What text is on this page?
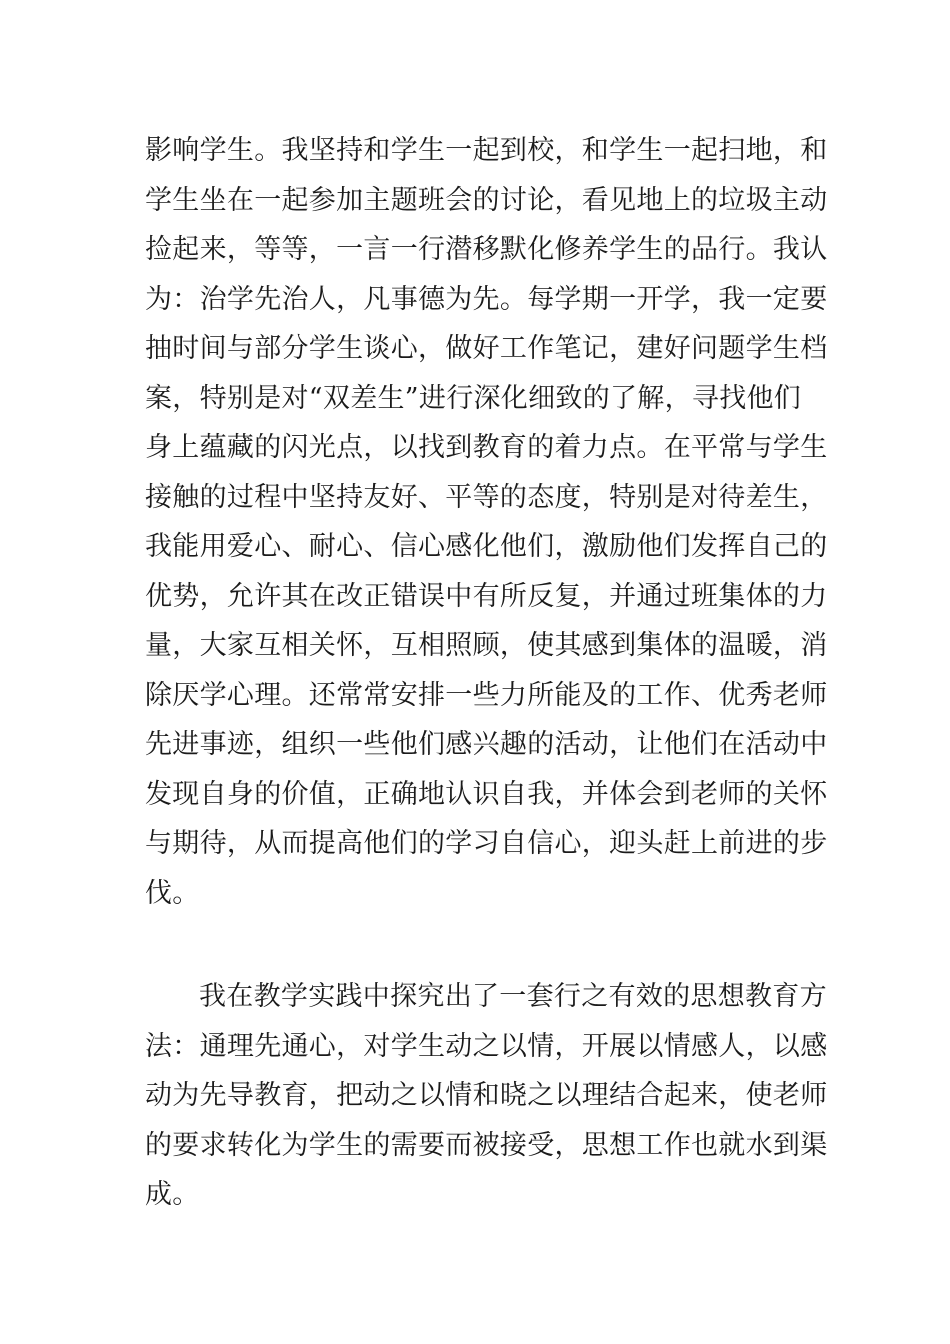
影响学生。我坚持和学生一起到校，和学生一起扫地，和
学生坐在一起参加主题班会的讨论，看见地上的垃圾主动
捡起来，等等，一言一行潜移默化修养学生的品行。我认
为：治学先治人，凡事德为先。每学期一开学，我一定要
抽时间与部分学生谈心，做好工作笔记，建好问题学生档
案，特别是对“双差生”进行深化细致的了解，寻找他们
身上蕴藏的闪光点，以找到教育的着力点。在平常与学生
接触的过程中坚持友好、平等的态度，特别是对待差生，
我能用爱心、耐心、信心感化他们，激励他们发挥自己的
优势，允许其在改正错误中有所反复，并通过班集体的力
量，大家互相关怀，互相照顾，使其感到集体的温暖，消
除厌学心理。还常常安排一些力所能及的工作、优秀老师
先进事迹，组织一些他们感兴趣的活动，让他们在活动中
发现自身的价值，正确地认识自我，并体会到老师的关怀
与期待，从而提高他们的学习自信心，迎头赶上前进的步
伐。
我在教学实践中探究出了一套行之有效的思想教育方
法：通理先通心，对学生动之以情，开展以情感人，以感
动为先导教育，把动之以情和晓之以理结合起来，使老师
的要求转化为学生的需要而被接受，思想工作也就水到渠
成。
